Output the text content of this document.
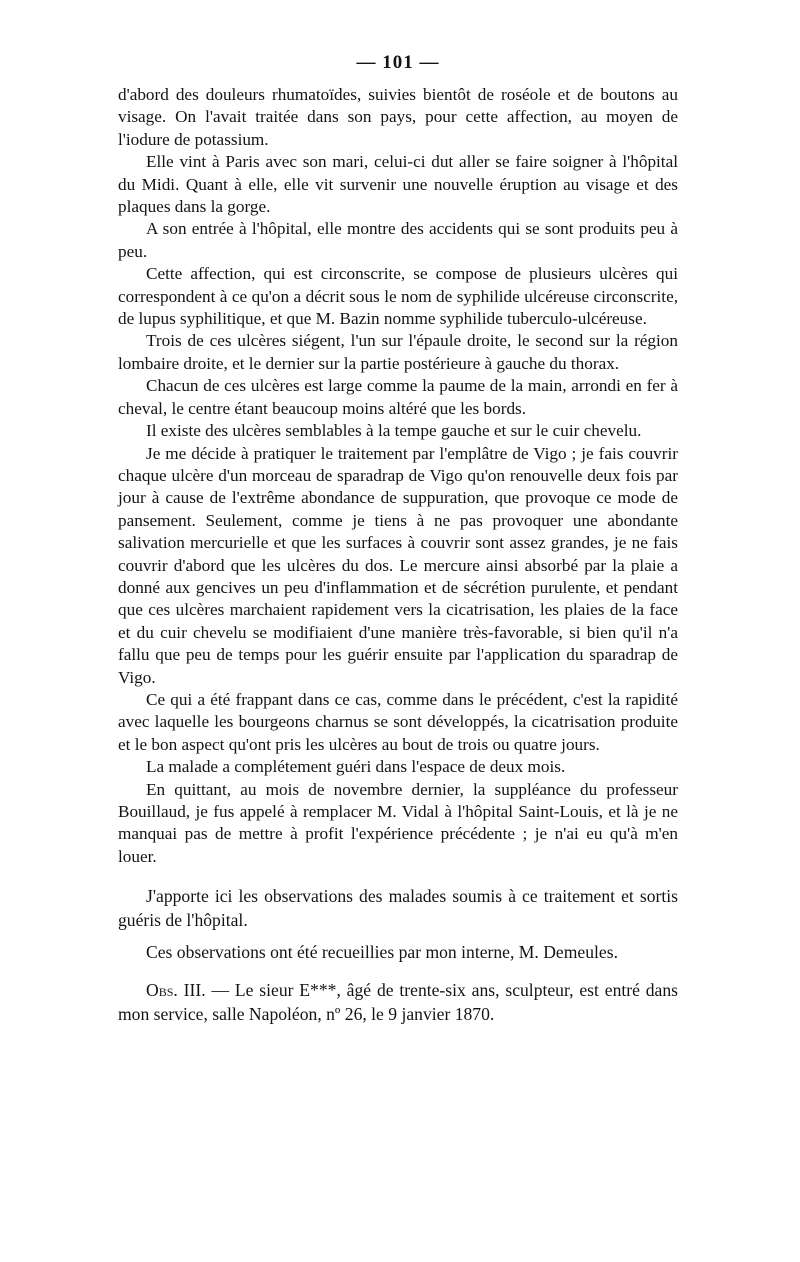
— 101 —

d'abord des douleurs rhumatoïdes, suivies bientôt de roséole et de boutons au visage. On l'avait traitée dans son pays, pour cette affection, au moyen de l'iodure de potassium.

Elle vint à Paris avec son mari, celui-ci dut aller se faire soigner à l'hôpital du Midi. Quant à elle, elle vit survenir une nouvelle éruption au visage et des plaques dans la gorge.

A son entrée à l'hôpital, elle montre des accidents qui se sont produits peu à peu.

Cette affection, qui est circonscrite, se compose de plusieurs ulcères qui correspondent à ce qu'on a décrit sous le nom de syphilide ulcéreuse circonscrite, de lupus syphilitique, et que M. Bazin nomme syphilide tuberculo-ulcéreuse.

Trois de ces ulcères siégent, l'un sur l'épaule droite, le second sur la région lombaire droite, et le dernier sur la partie postérieure à gauche du thorax.

Chacun de ces ulcères est large comme la paume de la main, arrondi en fer à cheval, le centre étant beaucoup moins altéré que les bords.

Il existe des ulcères semblables à la tempe gauche et sur le cuir chevelu.

Je me décide à pratiquer le traitement par l'emplâtre de Vigo ; je fais couvrir chaque ulcère d'un morceau de sparadrap de Vigo qu'on renouvelle deux fois par jour à cause de l'extrême abondance de suppuration, que provoque ce mode de pansement. Seulement, comme je tiens à ne pas provoquer une abondante salivation mercurielle et que les surfaces à couvrir sont assez grandes, je ne fais couvrir d'abord que les ulcères du dos. Le mercure ainsi absorbé par la plaie a donné aux gencives un peu d'inflammation et de sécrétion purulente, et pendant que ces ulcères marchaient rapidement vers la cicatrisation, les plaies de la face et du cuir chevelu se modifiaient d'une manière très-favorable, si bien qu'il n'a fallu que peu de temps pour les guérir ensuite par l'application du sparadrap de Vigo.

Ce qui a été frappant dans ce cas, comme dans le précédent, c'est la rapidité avec laquelle les bourgeons charnus se sont développés, la cicatrisation produite et le bon aspect qu'ont pris les ulcères au bout de trois ou quatre jours.

La malade a complétement guéri dans l'espace de deux mois.

En quittant, au mois de novembre dernier, la suppléance du professeur Bouillaud, je fus appelé à remplacer M. Vidal à l'hôpital Saint-Louis, et là je ne manquai pas de mettre à profit l'expérience précédente ; je n'ai eu qu'à m'en louer.

J'apporte ici les observations des malades soumis à ce traitement et sortis guéris de l'hôpital.

Ces observations ont été recueillies par mon interne, M. Demeules.

Obs. III. — Le sieur E***, âgé de trente-six ans, sculpteur, est entré dans mon service, salle Napoléon, nº 26, le 9 janvier 1870.
